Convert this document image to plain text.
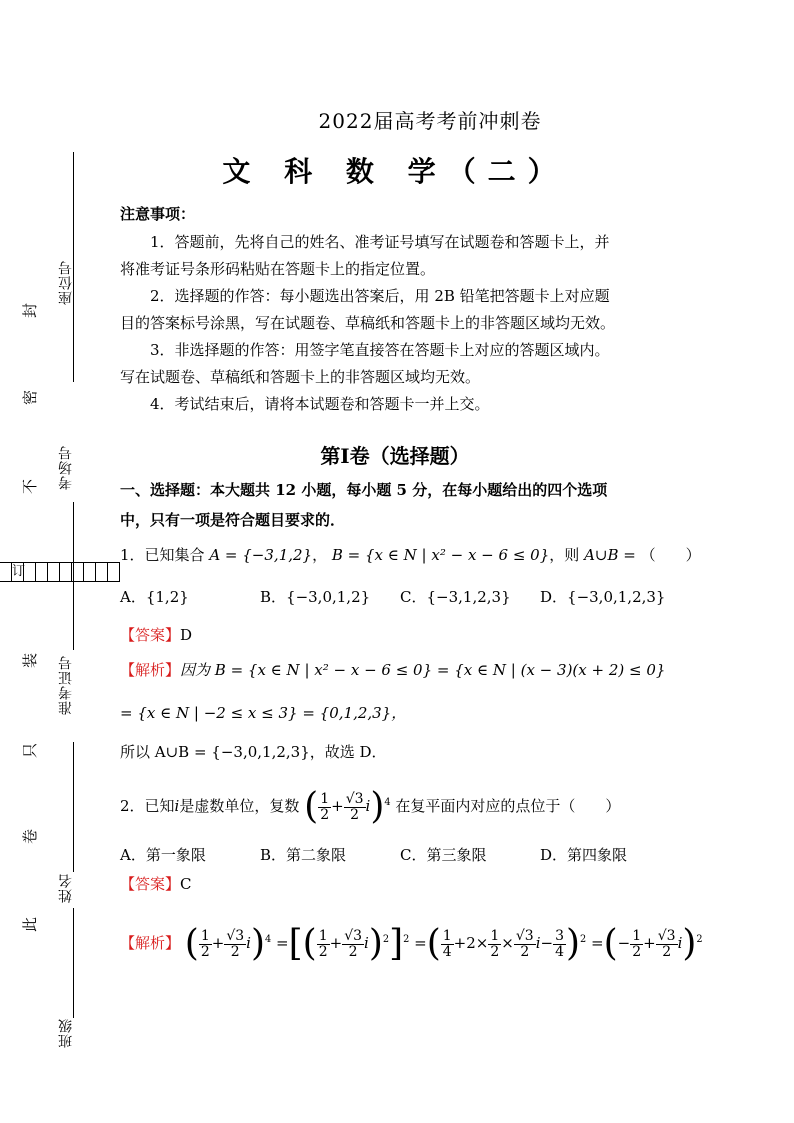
座位号
考场号
准考证号
姓名
班级
封
密
不
订
装
只
卷
此
2022届高考考前冲刺卷
文 科 数 学（二）
注意事项：
1．答题前，先将自己的姓名、准考证号填写在试题卷和答题卡上，并
将准考证号条形码粘贴在答题卡上的指定位置。
2．选择题的作答：每小题选出答案后，用 2B 铅笔把答题卡上对应题
目的答案标号涂黑，写在试题卷、草稿纸和答题卡上的非答题区域均无效。
3．非选择题的作答：用签字笔直接答在答题卡上对应的答题区域内。
写在试题卷、草稿纸和答题卡上的非答题区域均无效。
4．考试结束后，请将本试题卷和答题卡一并上交。
第Ⅰ卷（选择题）
一、选择题：本大题共 12 小题，每小题 5 分，在每小题给出的四个选项
中，只有一项是符合题目要求的．
1．已知集合 A = {−3,1,2}， B = {x ∈ N | x² − x − 6 ≤ 0}，则 A∪B = （　　）
A．{1,2}	B．{−3,0,1,2} C．{−3,1,2,3} D．{−3,0,1,2,3}
【答案】D
【解析】因为 B = {x ∈ N | x² − x − 6 ≤ 0} = {x ∈ N | (x − 3)(x + 2) ≤ 0}
= {x ∈ N | −2 ≤ x ≤ 3} = {0,1,2,3}，
所以 A∪B = {−3,0,1,2,3}，故选 D．
2．已知i是虚数单位，复数 ( $\frac{1}{2} + \frac{√3}{2} i)^4$ 在复平面内对应的点位于（　　）
A．第一象限	B．第二象限	C．第三象限	D．第四象限
【答案】C
【解析】 ( $\frac{1}{2} + \frac{√3}{2} i)^4$ =[( $\frac{1}{2} + \frac{√3}{2} i)^2]^2$ =( $\frac{1}{4} +2\times \frac{1}{2} \times \frac{√3}{2} i- \frac{3}{4} )^2$ =(− $\frac{1}{2} + \frac{√3}{2} i)^2$
